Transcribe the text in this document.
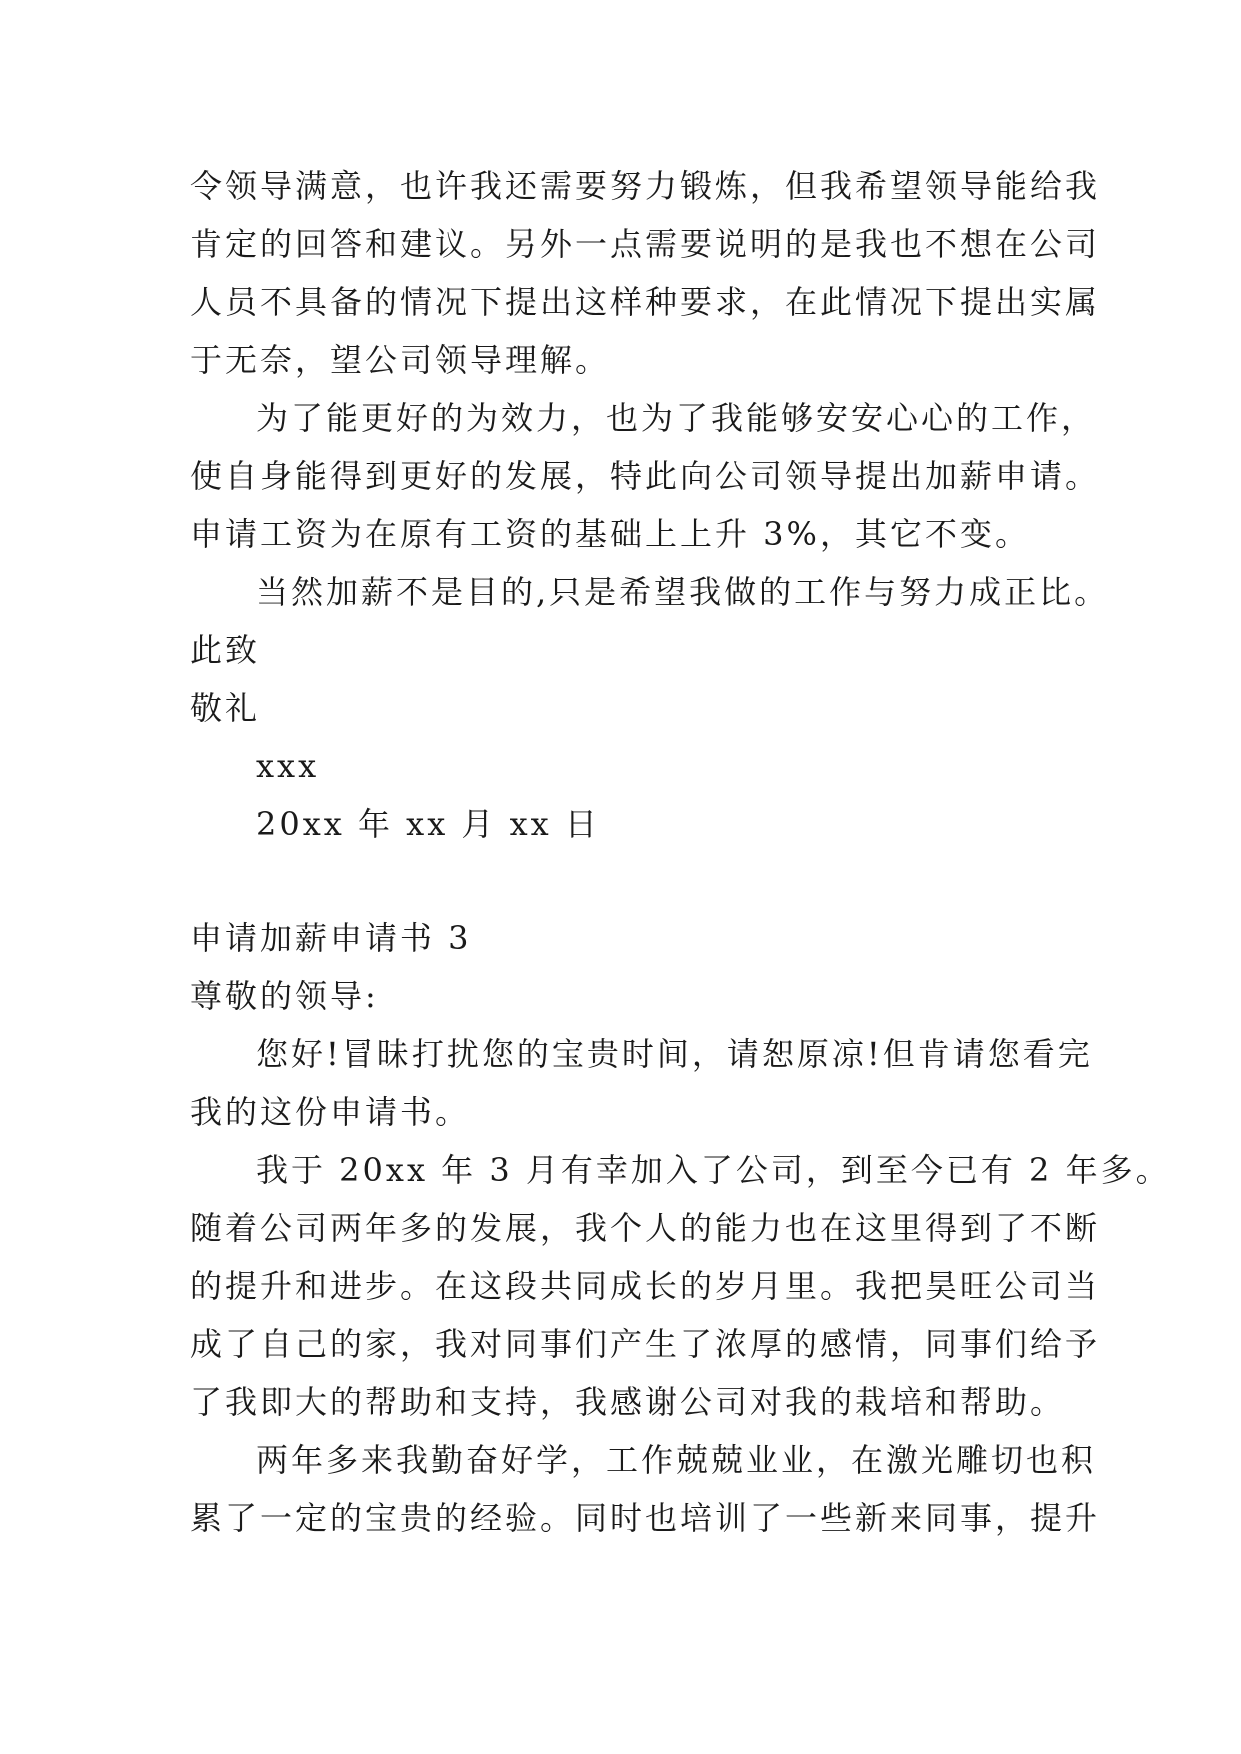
令领导满意，也许我还需要努力锻炼，但我希望领导能给我

肯定的回答和建议。另外一点需要说明的是我也不想在公司

人员不具备的情况下提出这样种要求，在此情况下提出实属

于无奈，望公司领导理解。

为了能更好的为效力，也为了我能够安安心心的工作，

使自身能得到更好的发展，特此向公司领导提出加薪申请。

申请工资为在原有工资的基础上上升 3%，其它不变。

当然加薪不是目的,只是希望我做的工作与努力成正比。

此致

敬礼

xxx

20xx 年 xx 月 xx 日

申请加薪申请书 3

尊敬的领导:

您好!冒昧打扰您的宝贵时间，请恕原凉!但肯请您看完

我的这份申请书。

我于 20xx 年 3 月有幸加入了公司，到至今已有 2 年多。

随着公司两年多的发展，我个人的能力也在这里得到了不断

的提升和进步。在这段共同成长的岁月里。我把昊旺公司当

成了自己的家，我对同事们产生了浓厚的感情，同事们给予

了我即大的帮助和支持，我感谢公司对我的栽培和帮助。

两年多来我勤奋好学，工作兢兢业业，在激光雕切也积

累了一定的宝贵的经验。同时也培训了一些新来同事，提升
